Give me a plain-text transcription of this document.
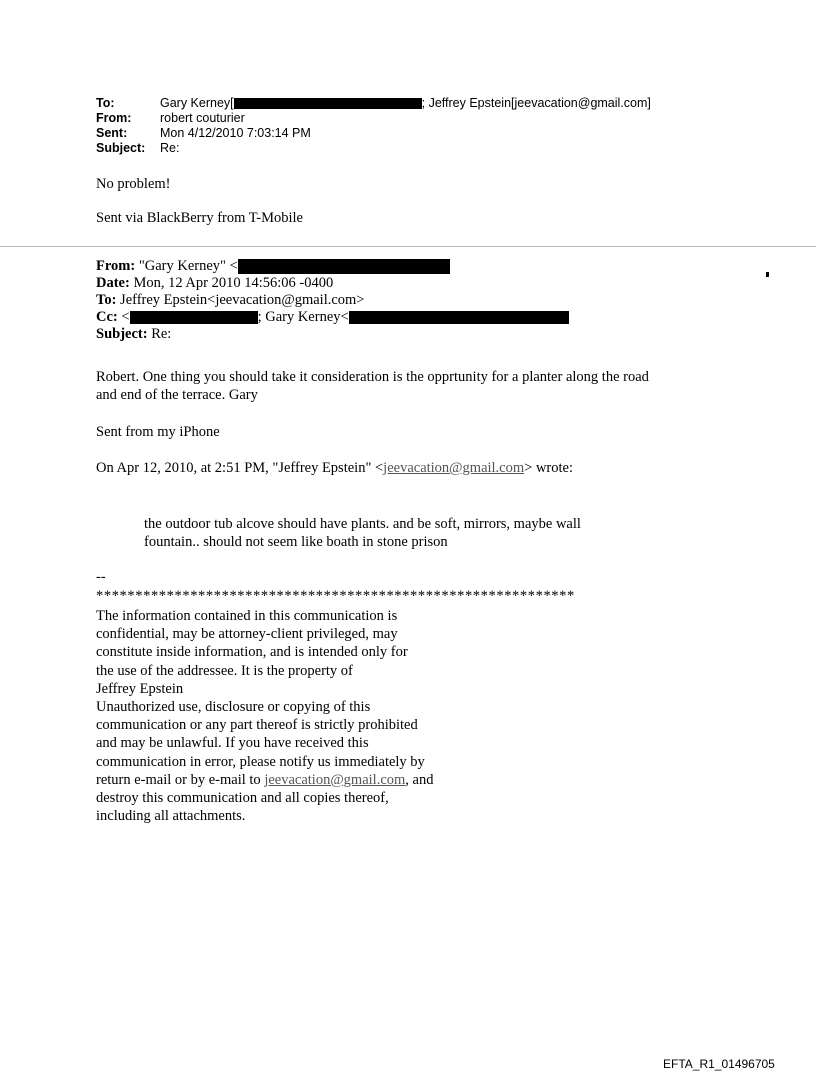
To:	Gary Kerney[	; Jeffrey Epstein[jeevacation@gmail.com]
From:	robert couturier
Sent:	Mon 4/12/2010 7:03:14 PM
Subject:	Re:

No problem!

Sent via BlackBerry from T-Mobile

From: "Gary Kerney" <
Date: Mon, 12 Apr 2010 14:56:06 -0400
To: Jeffrey Epstein<jeevacation@gmail.com>
Cc: <	; Gary Kerney<
Subject: Re:

Robert. One thing you should take it consideration is the opprtunity for a planter along the road

and end of the terrace. Gary

Sent from my iPhone
On Apr 12, 2010, at 2:51 PM, "Jeffrey Epstein" <jeevacation@gmail.com> wrote:
the outdoor tub alcove should have plants. and be soft, mirrors, maybe wall
fountain.. should not seem like boath in stone prison
--
*************************************************************
The information contained in this communication is
confidential, may be attorney-client privileged, may
constitute inside information, and is intended only for
the use of the addressee. It is the property of
Jeffrey Epstein
Unauthorized use, disclosure or copying of this
communication or any part thereof is strictly prohibited
and may be unlawful. If you have received this
communication in error, please notify us immediately by
return e-mail or by e-mail to jeevacation@gmail.com, and
destroy this communication and all copies thereof,
including all attachments.
EFTA_R1_01496705
